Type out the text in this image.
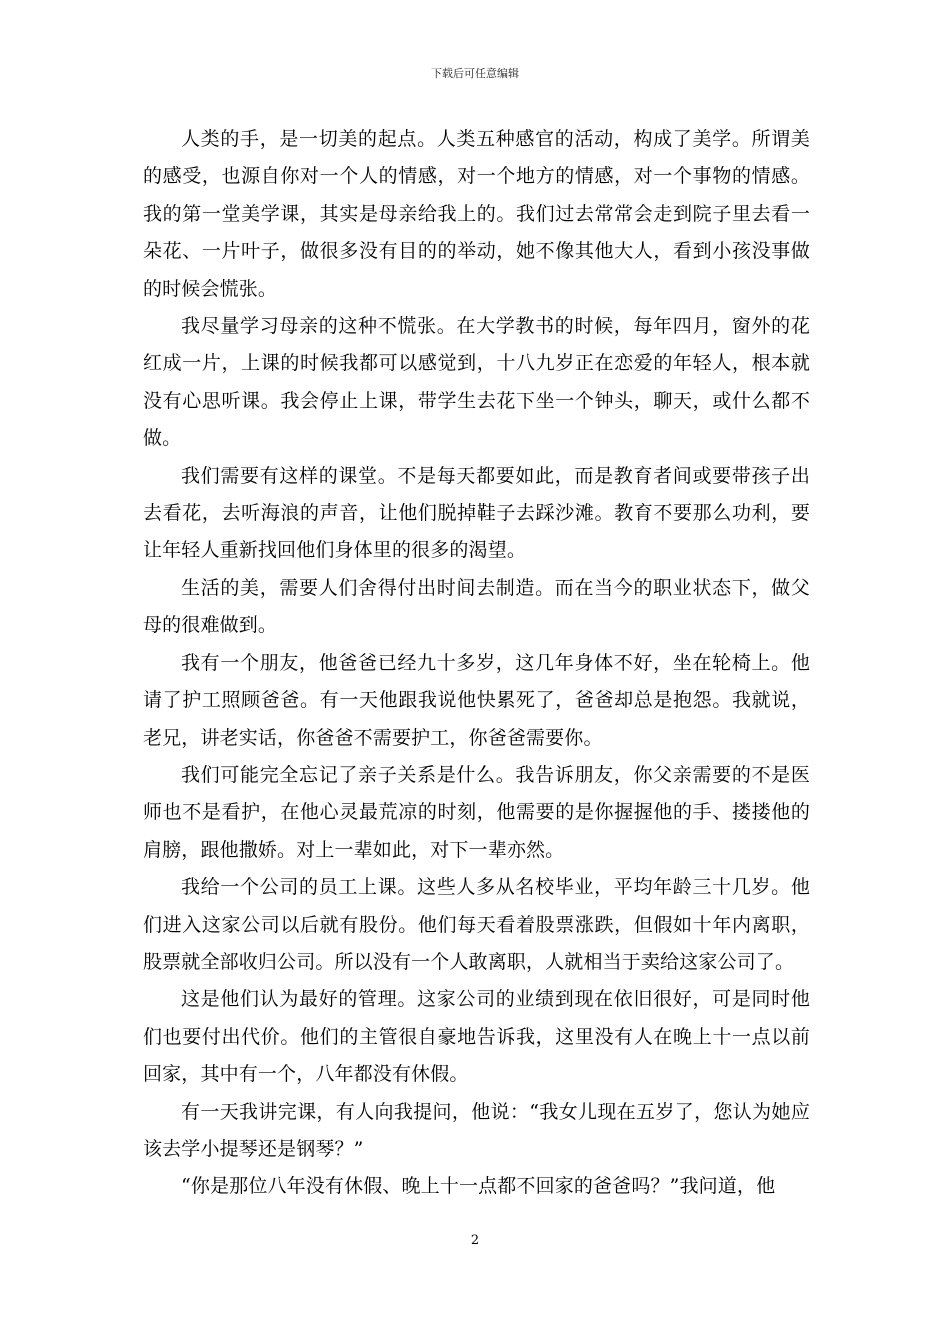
下载后可任意编辑

人类的手，是一切美的起点。人类五种感官的活动，构成了美学。所谓美的感受，也源自你对一个人的情感，对一个地方的情感，对一个事物的情感。我的第一堂美学课，其实是母亲给我上的。我们过去常常会走到院子里去看一朵花、一片叶子，做很多没有目的的举动，她不像其他大人，看到小孩没事做的时候会慌张。

我尽量学习母亲的这种不慌张。在大学教书的时候，每年四月，窗外的花红成一片，上课的时候我都可以感觉到，十八九岁正在恋爱的年轻人，根本就没有心思听课。我会停止上课，带学生去花下坐一个钟头，聊天，或什么都不做。

我们需要有这样的课堂。不是每天都要如此，而是教育者间或要带孩子出去看花，去听海浪的声音，让他们脱掉鞋子去踩沙滩。教育不要那么功利，要让年轻人重新找回他们身体里的很多的渴望。

生活的美，需要人们舍得付出时间去制造。而在当今的职业状态下，做父母的很难做到。

我有一个朋友，他爸爸已经九十多岁，这几年身体不好，坐在轮椅上。他请了护工照顾爸爸。有一天他跟我说他快累死了，爸爸却总是抱怨。我就说，老兄，讲老实话，你爸爸不需要护工，你爸爸需要你。

我们可能完全忘记了亲子关系是什么。我告诉朋友，你父亲需要的不是医师也不是看护，在他心灵最荒凉的时刻，他需要的是你握握他的手、搂搂他的肩膀，跟他撒娇。对上一辈如此，对下一辈亦然。

我给一个公司的员工上课。这些人多从名校毕业，平均年龄三十几岁。他们进入这家公司以后就有股份。他们每天看着股票涨跌，但假如十年内离职，股票就全部收归公司。所以没有一个人敢离职，人就相当于卖给这家公司了。

这是他们认为最好的管理。这家公司的业绩到现在依旧很好，可是同时他们也要付出代价。他们的主管很自豪地告诉我，这里没有人在晚上十一点以前回家，其中有一个，八年都没有休假。

有一天我讲完课，有人向我提问，他说：“我女儿现在五岁了，您认为她应该去学小提琴还是钢琴？”

“你是那位八年没有休假、晚上十一点都不回家的爸爸吗？”我问道，他

2
